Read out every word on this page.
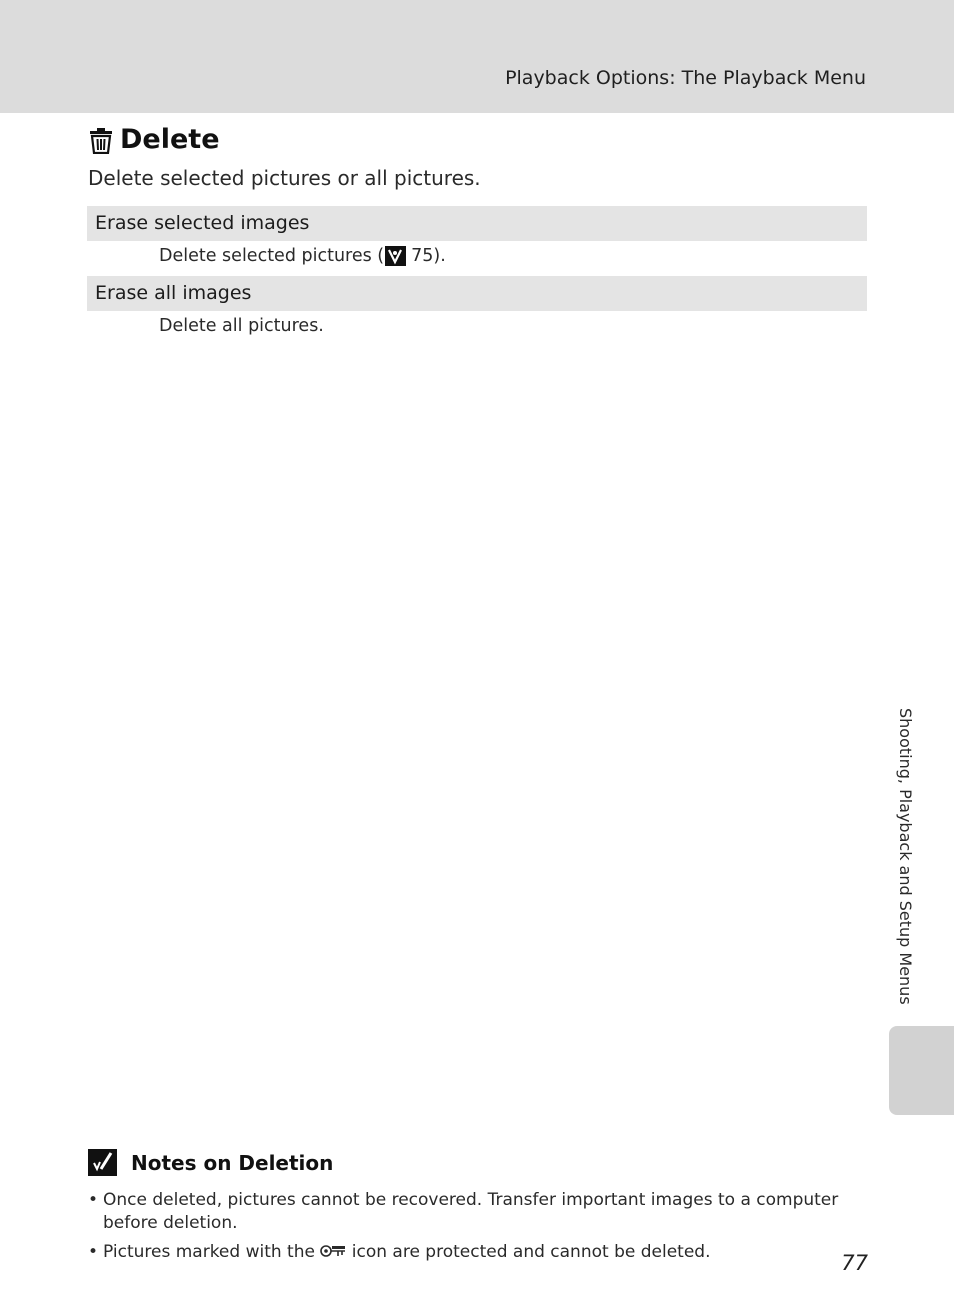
Playback Options: The Playback Menu
Delete
Delete selected pictures or all pictures.
Erase selected images
Delete selected pictures ( 75 ).
Erase all images
Delete all pictures.
Shooting, Playback and Setup Menus
Notes on Deletion
• Once deleted, pictures cannot be recovered. Transfer important images to a computer before deletion.
• Pictures marked with the  icon are protected and cannot be deleted.	77
